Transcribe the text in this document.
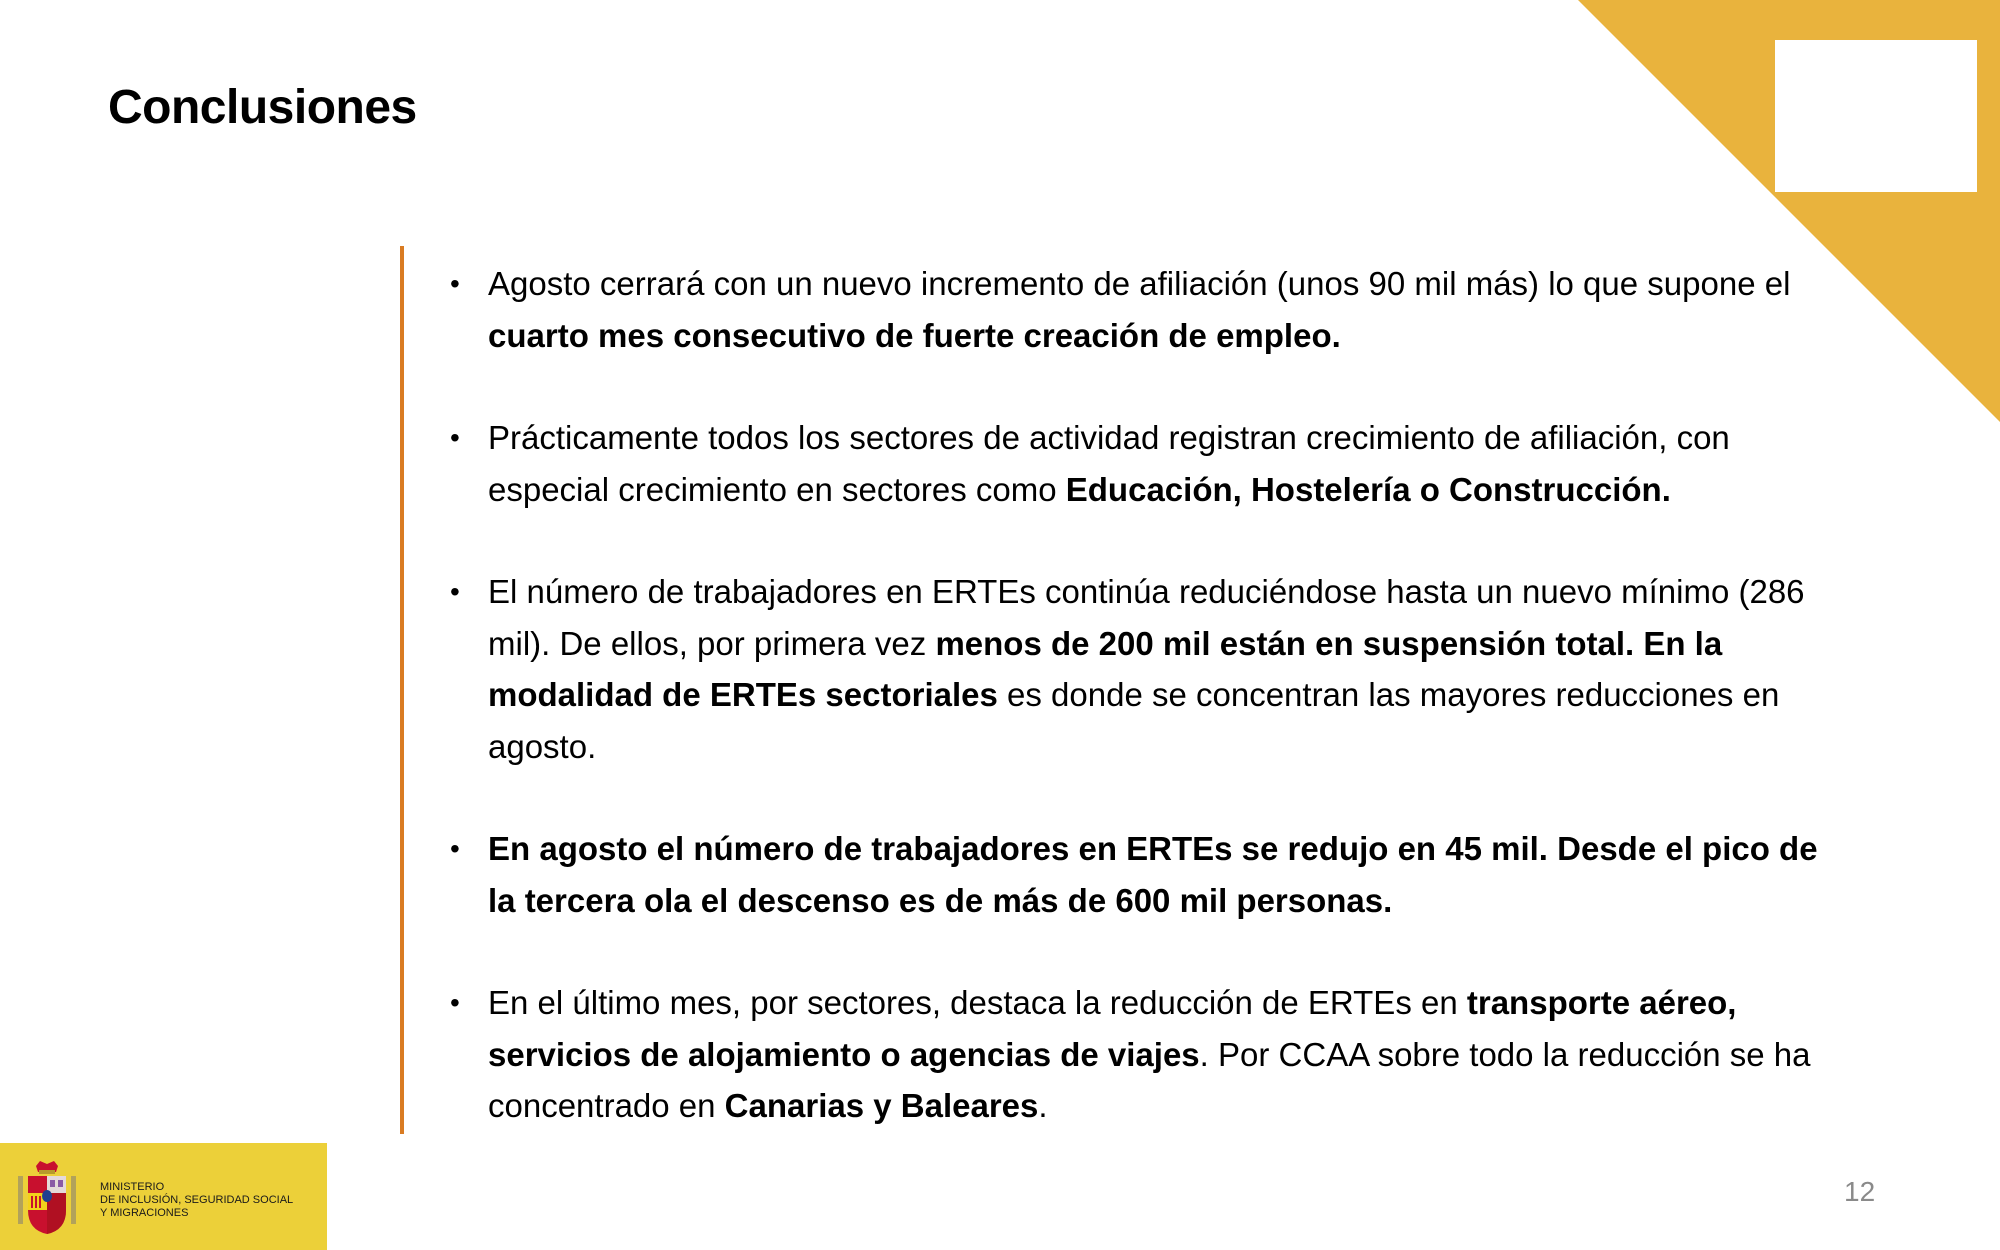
Conclusiones
• Agosto cerrará con un nuevo incremento de afiliación (unos 90 mil más) lo que supone el cuarto mes consecutivo de fuerte creación de empleo.
• Prácticamente todos los sectores de actividad registran crecimiento de afiliación, con especial crecimiento en sectores como Educación, Hostelería o Construcción.
• El número de trabajadores en ERTEs continúa reduciéndose hasta un nuevo mínimo (286 mil). De ellos, por primera vez menos de 200 mil están en suspensión total. En la modalidad de ERTEs sectoriales es donde se concentran las mayores reducciones en agosto.
• En agosto el número de trabajadores en ERTEs se redujo en 45 mil. Desde el pico de la tercera ola el descenso es de más de 600 mil personas.
• En el último mes, por sectores, destaca la reducción de ERTEs en transporte aéreo, servicios de alojamiento o agencias de viajes. Por CCAA sobre todo la reducción se ha concentrado en Canarias y Baleares.
12
MINISTERIO
DE INCLUSIÓN, SEGURIDAD SOCIAL
Y MIGRACIONES
